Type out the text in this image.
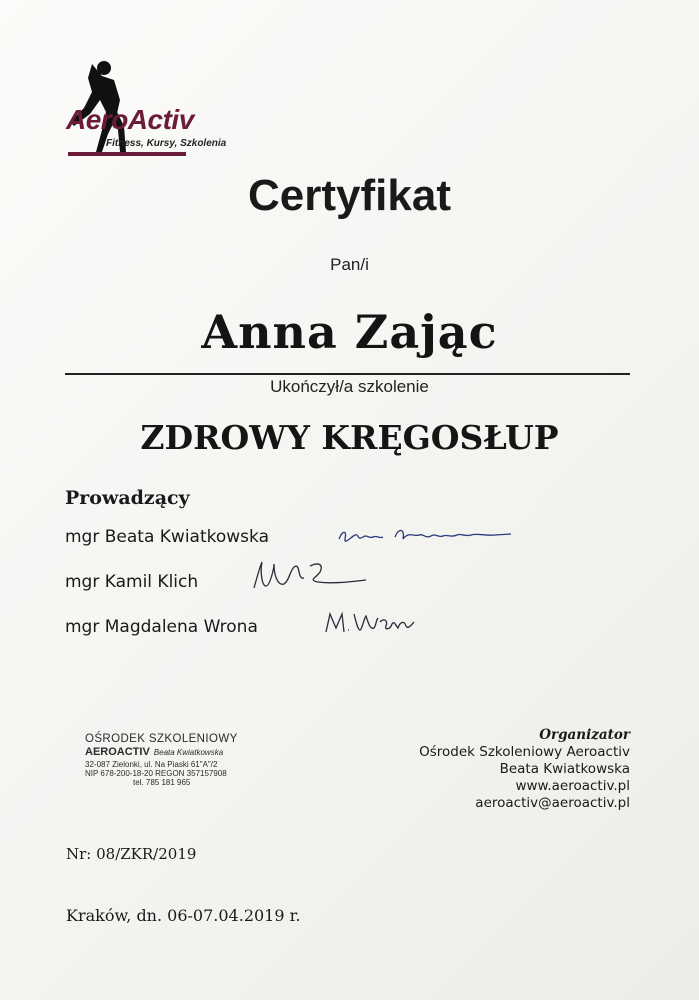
AeroActiv
Fitness, Kursy, Szkolenia
Certyfikat
Pan/i
Anna Zając
Ukończył/a szkolenie
ZDROWY KRĘGOSŁUP
Prowadzący
mgr Beata Kwiatkowska
mgr Kamil Klich
mgr Magdalena Wrona
OŚRODEK SZKOLENIOWY
AEROACTIV Beata Kwiatkowska
32-087 Zielonki, ul. Na Piaski 61"A"/2
NIP 678-200-18-20 REGON 357157908
tel. 785 181 965
Organizator
Ośrodek Szkoleniowy Aeroactiv
Beata Kwiatkowska
www.aeroactiv.pl
aeroactiv@aeroactiv.pl
Nr: 08/ZKR/2019
Kraków, dn. 06-07.04.2019 r.
